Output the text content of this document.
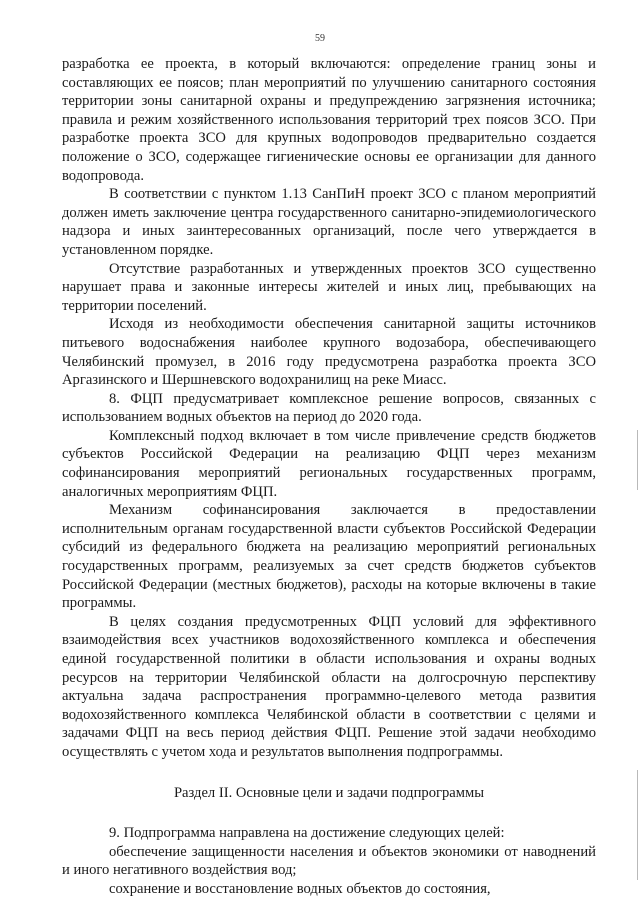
59

разработка ее проекта, в который включаются: определение границ зоны и составляющих ее поясов; план мероприятий по улучшению санитарного состояния территории зоны санитарной охраны и предупреждению загрязнения источника; правила и режим хозяйственного использования территорий трех поясов ЗСО. При разработке проекта ЗСО для крупных водопроводов предварительно создается положение о ЗСО, содержащее гигиенические основы ее организации для данного водопровода.

В соответствии с пунктом 1.13 СанПиН проект ЗСО с планом мероприятий должен иметь заключение центра государственного санитарно-эпидемиологического надзора и иных заинтересованных организаций, после чего утверждается в установленном порядке.

Отсутствие разработанных и утвержденных проектов ЗСО существенно нарушает права и законные интересы жителей и иных лиц, пребывающих на территории поселений.

Исходя из необходимости обеспечения санитарной защиты источников питьевого водоснабжения наиболее крупного водозабора, обеспечивающего Челябинский промузел, в 2016 году предусмотрена разработка проекта ЗСО Аргазинского и Шершневского водохранилищ на реке Миасс.

8. ФЦП предусматривает комплексное решение вопросов, связанных с использованием водных объектов на период до 2020 года.

Комплексный подход включает в том числе привлечение средств бюджетов субъектов Российской Федерации на реализацию ФЦП через механизм софинансирования мероприятий региональных государственных программ, аналогичных мероприятиям ФЦП.

Механизм софинансирования заключается в предоставлении исполнительным органам государственной власти субъектов Российской Федерации субсидий из федерального бюджета на реализацию мероприятий региональных государственных программ, реализуемых за счет средств бюджетов субъектов Российской Федерации (местных бюджетов), расходы на которые включены в такие программы.

В целях создания предусмотренных ФЦП условий для эффективного взаимодействия всех участников водохозяйственного комплекса и обеспечения единой государственной политики в области использования и охраны водных ресурсов на территории Челябинской области на долгосрочную перспективу актуальна задача распространения программно-целевого метода развития водохозяйственного комплекса Челябинской области в соответствии с целями и задачами ФЦП на весь период действия ФЦП. Решение этой задачи необходимо осуществлять с учетом хода и результатов выполнения подпрограммы.

Раздел II. Основные цели и задачи подпрограммы

9. Подпрограмма направлена на достижение следующих целей:

обеспечение защищенности населения и объектов экономики от наводнений и иного негативного воздействия вод;

сохранение и восстановление водных объектов до состояния,
